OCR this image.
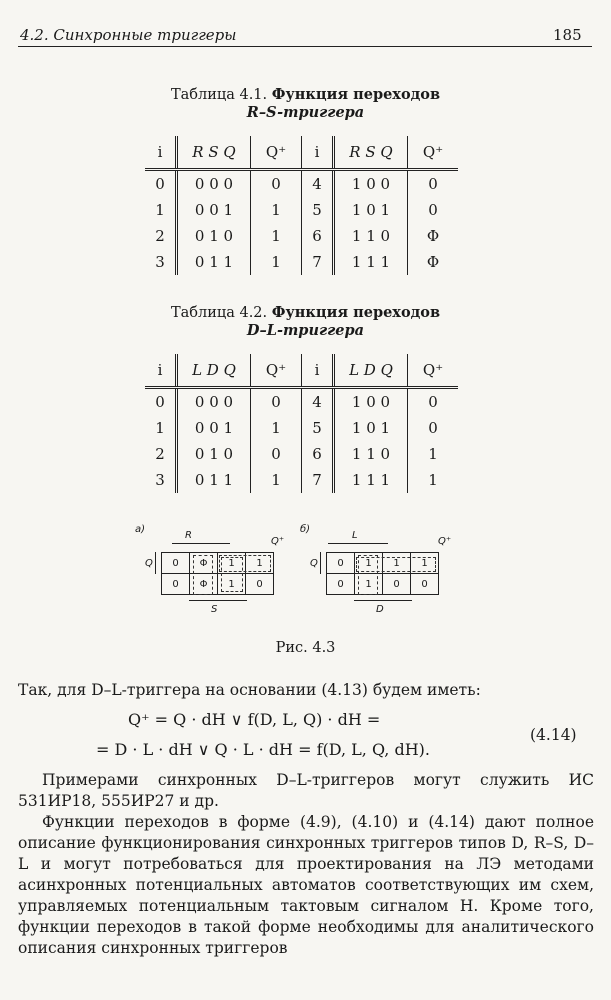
4.2. Синхронные триггеры	185
Таблица 4.1. Функция переходов
R–S-триггера
i	R S Q	Q⁺	i	R S Q	Q⁺
0	0 0 0	0	4	1 0 0	0
1	0 0 1	1	5	1 0 1	0
2	0 1 0	1	6	1 1 0	Φ
3	0 1 1	1	7	1 1 1	Φ
Таблица 4.2. Функция переходов
D–L-триггера
i	L D Q	Q⁺	i	L D Q	Q⁺
0	0 0 0	0	4	1 0 0	0
1	0 0 1	1	5	1 0 1	0
2	0 1 0	0	6	1 1 0	1
3	0 1 1	1	7	1 1 1	1
а)
R
Q⁺
Q	0	Φ	1	1
0	Φ	1	0
S
б)
L
Q⁺
Q	0	1	1	1
0	1	0	0
D
Рис. 4.3
Так, для D–L-триггера на основании (4.13) будем иметь:
Q⁺ = Q · dH ∨ f(D, L, Q) · dH =
= D · L · dH ∨ Q · L · dH = f(D, L, Q, dH).
(4.14)
Примерами синхронных D–L-триггеров могут служить ИС 531ИР18, 555ИР27 и др.
Функции переходов в форме (4.9), (4.10) и (4.14) дают полное описание функционирования синхронных триггеров типов D, R–S, D–L и могут потребоваться для проектирования на ЛЭ методами асинхронных потенциальных автоматов соответствующих им схем, управляемых потенциальным тактовым сигналом H. Кроме того, функции переходов в такой форме необходимы для аналитического описания синхронных триггеров
